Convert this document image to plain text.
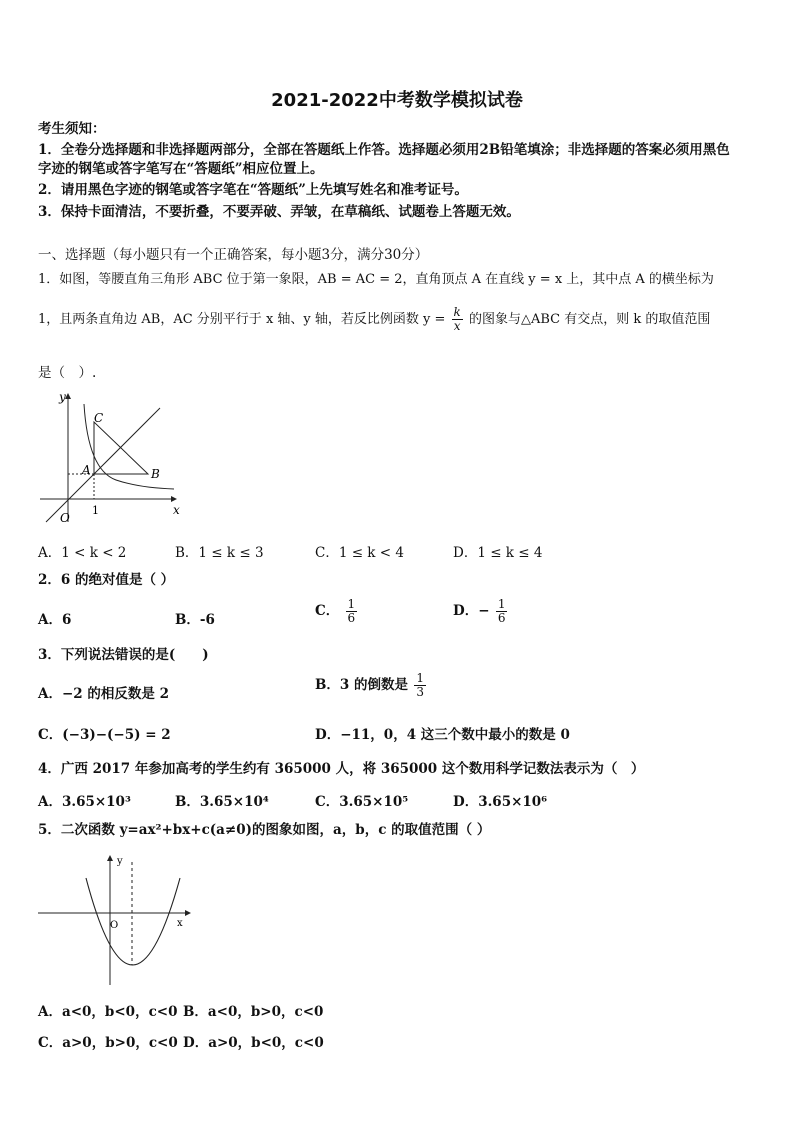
2021-2022中考数学模拟试卷
考生须知：
1．全卷分选择题和非选择题两部分，全部在答题纸上作答。选择题必须用2B铅笔填涂；非选择题的答案必须用黑色
字迹的钢笔或答字笔写在“答题纸”相应位置上。
2．请用黑色字迹的钢笔或答字笔在“答题纸”上先填写姓名和准考证号。
3．保持卡面清洁，不要折叠，不要弄破、弄皱，在草稿纸、试题卷上答题无效。
一、选择题（每小题只有一个正确答案，每小题3分，满分30分）
1．如图，等腰直角三角形 ABC 位于第一象限，AB = AC = 2，直角顶点 A 在直线 y = x 上，其中点 A 的横坐标为
1，且两条直角边 AB，AC 分别平行于 x 轴、y 轴，若反比例函数 $y = \frac{k}{x}$ 的图象与△ABC 有交点，则 k 的取值范围
是（　）.
y
x
O
1
A	B
C
A．1 < k < 2	B．1 ≤ k ≤ 3	C．1 ≤ k < 4	D．1 ≤ k ≤ 4
2．6 的绝对值是（ ）
A．6	B．-6
C． $\frac{1}{6}$	D．− $\frac{1}{6}$
3．下列说法错误的是(　　)
A．−2 的相反数是 2
B．3 的倒数是 $\frac{1}{3}$
C．(−3)−(−5) = 2	D．−11，0，4 这三个数中最小的数是 0
4．广西 2017 年参加高考的学生约有 365000 人，将 365000 这个数用科学记数法表示为（　）
A．3.65×10³	B．3.65×10⁴	C．3.65×10⁵	D．3.65×10⁶
5．二次函数 y=ax²+bx+c(a≠0)的图象如图，a，b，c 的取值范围（ ）
y
x
O
A．a<0，b<0，c<0 B．a<0，b>0，c<0
C．a>0，b>0，c<0 D．a>0，b<0，c<0
